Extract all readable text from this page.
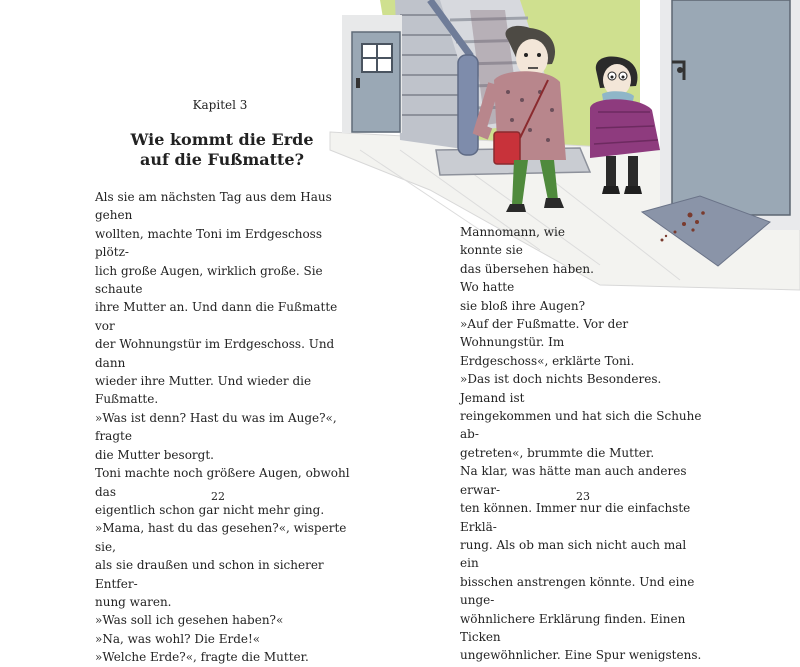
Kapitel 3
Wie kommt die Erde
auf die Fußmatte?

Als sie am nächsten Tag aus dem Haus gehen

wollten, machte Toni im Erdgeschoss plötz-

lich große Augen, wirklich große. Sie schaute

ihre Mutter an. Und dann die Fußmatte vor

der Wohnungstür im Erdgeschoss. Und dann

wieder ihre Mutter. Und wieder die Fußmatte.

»Was ist denn? Hast du was im Auge?«, fragte

die Mutter besorgt.

Toni machte noch größere Augen, obwohl das

eigentlich schon gar nicht mehr ging.

»Mama, hast du das gesehen?«, wisperte sie,

als sie draußen und schon in sicherer Entfer-

nung waren.

»Was soll ich gesehen haben?«

»Na, was wohl? Die Erde!«

»Welche Erde?«, fragte die Mutter.

Mannomann, wie konnte sie

das übersehen haben. Wo hatte

sie bloß ihre Augen?

»Auf der Fußmatte. Vor der Wohnungstür. Im

Erdgeschoss«, erklärte Toni.

»Das ist doch nichts Besonderes. Jemand ist

reingekommen und hat sich die Schuhe ab-

getreten«, brummte die Mutter.

Na klar, was hätte man auch anderes erwar-

ten können. Immer nur die einfachste Erklä-

rung. Als ob man sich nicht auch mal ein

bisschen anstrengen könnte. Und eine unge-

wöhnlichere Erklärung finden. Einen Ticken

ungewöhnlicher. Eine Spur wenigstens.

22	23
